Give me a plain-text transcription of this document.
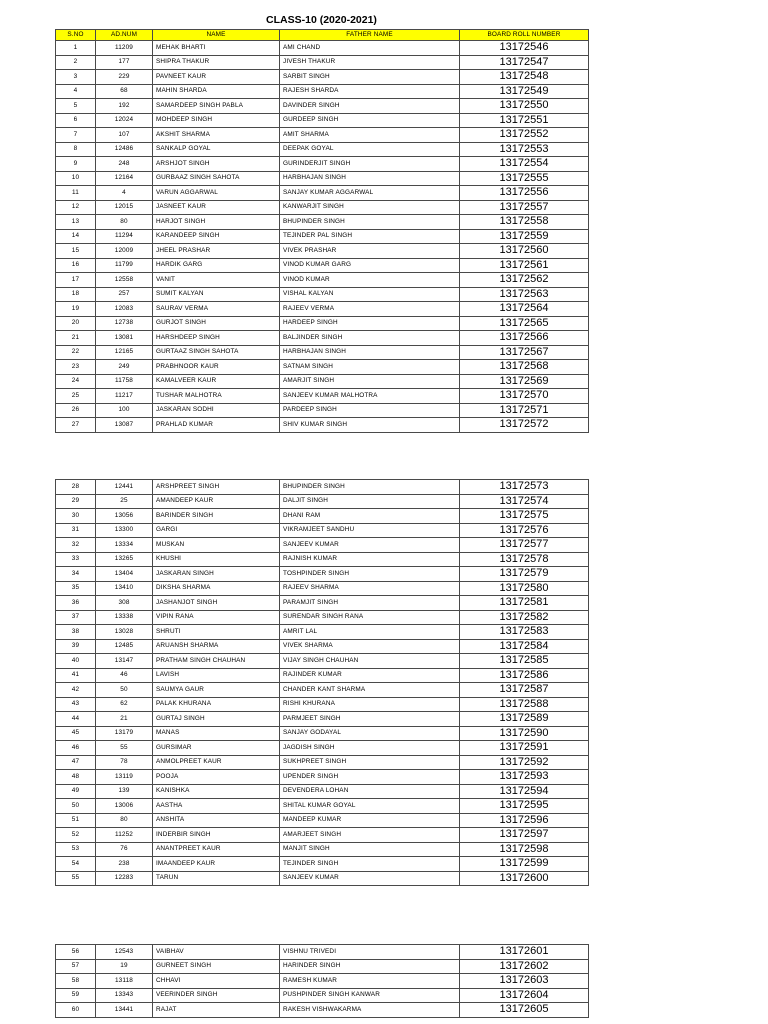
CLASS-10 (2020-2021)
S.NO	AD.NUM	NAME	FATHER NAME	BOARD ROLL NUMBER
1	11209	MEHAK BHARTI	AMI CHAND	13172546
2	177	SHIPRA THAKUR	JIVESH THAKUR	13172547
3	229	PAVNEET KAUR	SARBIT SINGH	13172548
4	68	MAHIN SHARDA	RAJESH SHARDA	13172549
5	192	SAMARDEEP SINGH PABLA	DAVINDER SINGH	13172550
6	12024	MOHDEEP SINGH	GURDEEP SINGH	13172551
7	107	AKSHIT SHARMA	AMIT SHARMA	13172552
8	12486	SANKALP GOYAL	DEEPAK GOYAL	13172553
9	248	ARSHJOT SINGH	GURINDERJIT SINGH	13172554
10	12164	GURBAAZ SINGH SAHOTA	HARBHAJAN SINGH	13172555
11	4	VARUN AGGARWAL	SANJAY KUMAR AGGARWAL	13172556
12	12015	JASNEET KAUR	KANWARJIT SINGH	13172557
13	80	HARJOT SINGH	BHUPINDER SINGH	13172558
14	11294	KARANDEEP SINGH	TEJINDER PAL SINGH	13172559
15	12009	JHEEL PRASHAR	VIVEK PRASHAR	13172560
16	11799	HARDIK GARG	VINOD KUMAR GARG	13172561
17	12558	VANIT	VINOD KUMAR	13172562
18	257	SUMIT KALYAN	VISHAL KALYAN	13172563
19	12083	SAURAV VERMA	RAJEEV VERMA	13172564
20	12738	GURJOT SINGH	HARDEEP SINGH	13172565
21	13081	HARSHDEEP SINGH	BALJINDER SINGH	13172566
22	12165	GURTAAZ SINGH SAHOTA	HARBHAJAN SINGH	13172567
23	249	PRABHNOOR KAUR	SATNAM SINGH	13172568
24	11758	KAMALVEER KAUR	AMARJIT SINGH	13172569
25	11217	TUSHAR MALHOTRA	SANJEEV KUMAR MALHOTRA	13172570
26	100	JASKARAN SODHI	PARDEEP SINGH	13172571
27	13087	PRAHLAD KUMAR	SHIV KUMAR SINGH	13172572
28	12441	ARSHPREET SINGH	BHUPINDER SINGH	13172573
29	25	AMANDEEP KAUR	DALJIT SINGH	13172574
30	13056	BARINDER SINGH	DHANI RAM	13172575
31	13300	GARGI	VIKRAMJEET SANDHU	13172576
32	13334	MUSKAN	SANJEEV KUMAR	13172577
33	13265	KHUSHI	RAJNISH KUMAR	13172578
34	13404	JASKARAN SINGH	TOSHPINDER SINGH	13172579
35	13410	DIKSHA SHARMA	RAJEEV SHARMA	13172580
36	308	JASHANJOT SINGH	PARAMJIT SINGH	13172581
37	13338	VIPIN RANA	SURENDAR SINGH RANA	13172582
38	13028	SHRUTI	AMRIT LAL	13172583
39	12485	ARUANSH SHARMA	VIVEK SHARMA	13172584
40	13147	PRATHAM SINGH CHAUHAN	VIJAY SINGH CHAUHAN	13172585
41	46	LAVISH	RAJINDER KUMAR	13172586
42	50	SAUMYA GAUR	CHANDER KANT SHARMA	13172587
43	62	PALAK KHURANA	RISHI KHURANA	13172588
44	21	GURTAJ SINGH	PARMJEET SINGH	13172589
45	13179	MANAS	SANJAY GODAYAL	13172590
46	55	GURSIMAR	JAGDISH SINGH	13172591
47	78	ANMOLPREET KAUR	SUKHPREET SINGH	13172592
48	13119	POOJA	UPENDER SINGH	13172593
49	139	KANISHKA	DEVENDERA LOHAN	13172594
50	13006	AASTHA	SHITAL KUMAR GOYAL	13172595
51	80	ANSHITA	MANDEEP KUMAR	13172596
52	11252	INDERBIR SINGH	AMARJEET SINGH	13172597
53	76	ANANTPREET KAUR	MANJIT SINGH	13172598
54	238	IMAANDEEP KAUR	TEJINDER SINGH	13172599
55	12283	TARUN	SANJEEV KUMAR	13172600
56	12543	VAIBHAV	VISHNU TRIVEDI	13172601
57	19	GURNEET SINGH	HARINDER SINGH	13172602
58	13118	CHHAVI	RAMESH KUMAR	13172603
59	13343	VEERINDER SINGH	PUSHPINDER SINGH KANWAR	13172604
60	13441	RAJAT	RAKESH VISHWAKARMA	13172605
